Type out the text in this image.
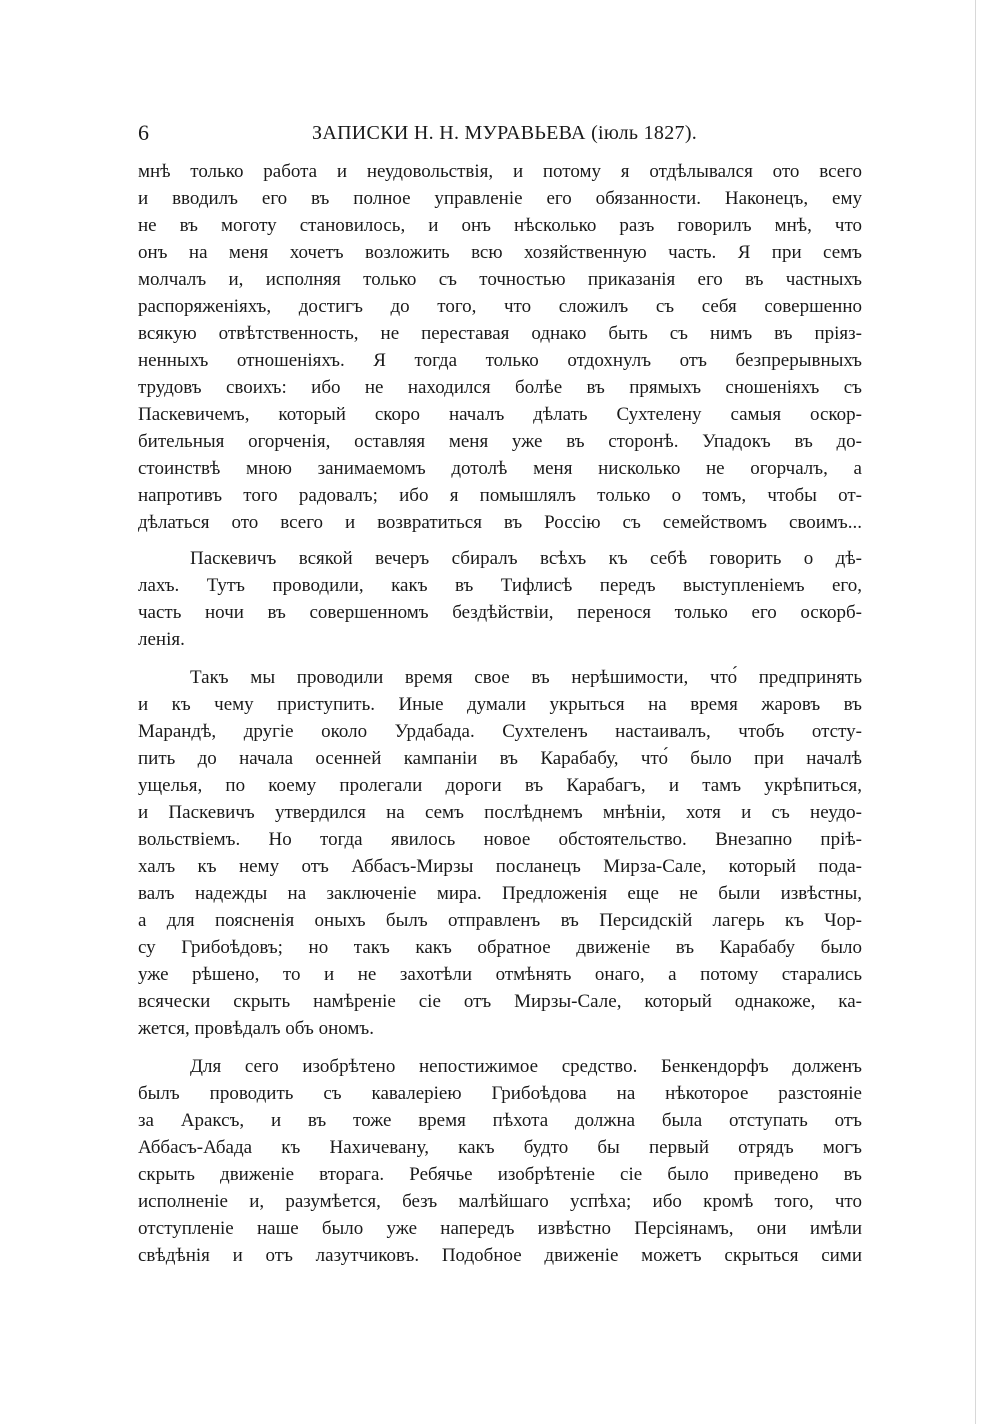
6	ЗАПИСКИ Н. Н. МУРАВЬЕВА (іюль 1827).
мнѣ только работа и неудовольствія, и потому я отдѣлывался ото всего
и вводилъ его въ полное управленіе его обязанности. Наконецъ, ему
не въ моготу становилось, и онъ нѣсколько разъ говорилъ мнѣ, что
онъ на меня хочетъ возложить всю хозяйственную часть. Я при семъ
молчалъ и, исполняя только съ точностью приказанія его въ частныхъ
распоряженіяхъ, достигъ до того, что сложилъ съ себя совершенно
всякую отвѣтственность, не переставая однако быть съ нимъ въ пріяз-
ненныхъ отношеніяхъ. Я тогда только отдохнулъ отъ безпрерывныхъ
трудовъ своихъ: ибо не находился болѣе въ прямыхъ сношеніяхъ съ
Паскевичемъ, который скоро началъ дѣлать Сухтелену самыя оскор-
бительныя огорченія, оставляя меня уже въ сторонѣ. Упадокъ въ до-
стоинствѣ мною занимаемомъ дотолѣ меня нисколько не огорчалъ, а
напротивъ того радовалъ; ибо я помышлялъ только о томъ, чтобы от-
дѣлаться ото всего и возвратиться въ Россію съ семействомъ своимъ...
Паскевичъ всякой вечеръ сбиралъ всѣхъ къ себѣ говорить о дѣ-
лахъ. Тутъ проводили, какъ въ Тифлисѣ передъ выступленіемъ его,
часть ночи въ совершенномъ бездѣйствіи, перенося только его оскорб-
ленія.
Такъ мы проводили время свое въ нерѣшимости, что́ предпринять
и къ чему приступить. Иные думали укрыться на время жаровъ въ
Марандѣ, другіе около Урдабада. Сухтеленъ настаивалъ, чтобъ отсту-
пить до начала осенней кампаніи въ Карабабу, что́ было при началѣ
ущелья, по коему пролегали дороги въ Карабагъ, и тамъ укрѣпиться,
и Паскевичъ утвердился на семъ послѣднемъ мнѣніи, хотя и съ неудо-
вольствіемъ. Но тогда явилось новое обстоятельство. Внезапно пріѣ-
халъ къ нему отъ Аббасъ-Мирзы посланецъ Мирза-Сале, который пода-
валъ надежды на заключеніе мира. Предложенія еще не были извѣстны,
а для поясненія оныхъ былъ отправленъ въ Персидскій лагерь къ Чор-
су Грибоѣдовъ; но такъ какъ обратное движеніе въ Карабабу было
уже рѣшено, то и не захотѣли отмѣнять онаго, а потому старались
всячески скрыть намѣреніе сіе отъ Мирзы-Сале, который однакоже, ка-
жется, провѣдалъ объ ономъ.
Для сего изобрѣтено непостижимое средство. Бенкендорфъ долженъ
былъ проводить съ кавалеріею Грибоѣдова на нѣкоторое разстояніе
за Араксъ, и въ тоже время пѣхота должна была отступать отъ
Аббасъ-Абада къ Нахичевану, какъ будто бы первый отрядъ могъ
скрыть движеніе вторага. Ребячье изобрѣтеніе сіе было приведено въ
исполненіе и, разумѣется, безъ малѣйшаго успѣха; ибо кромѣ того, что
отступленіе наше было уже напередъ извѣстно Персіянамъ, они имѣли
свѣдѣнія и отъ лазутчиковъ. Подобное движеніе можетъ скрыться сими
